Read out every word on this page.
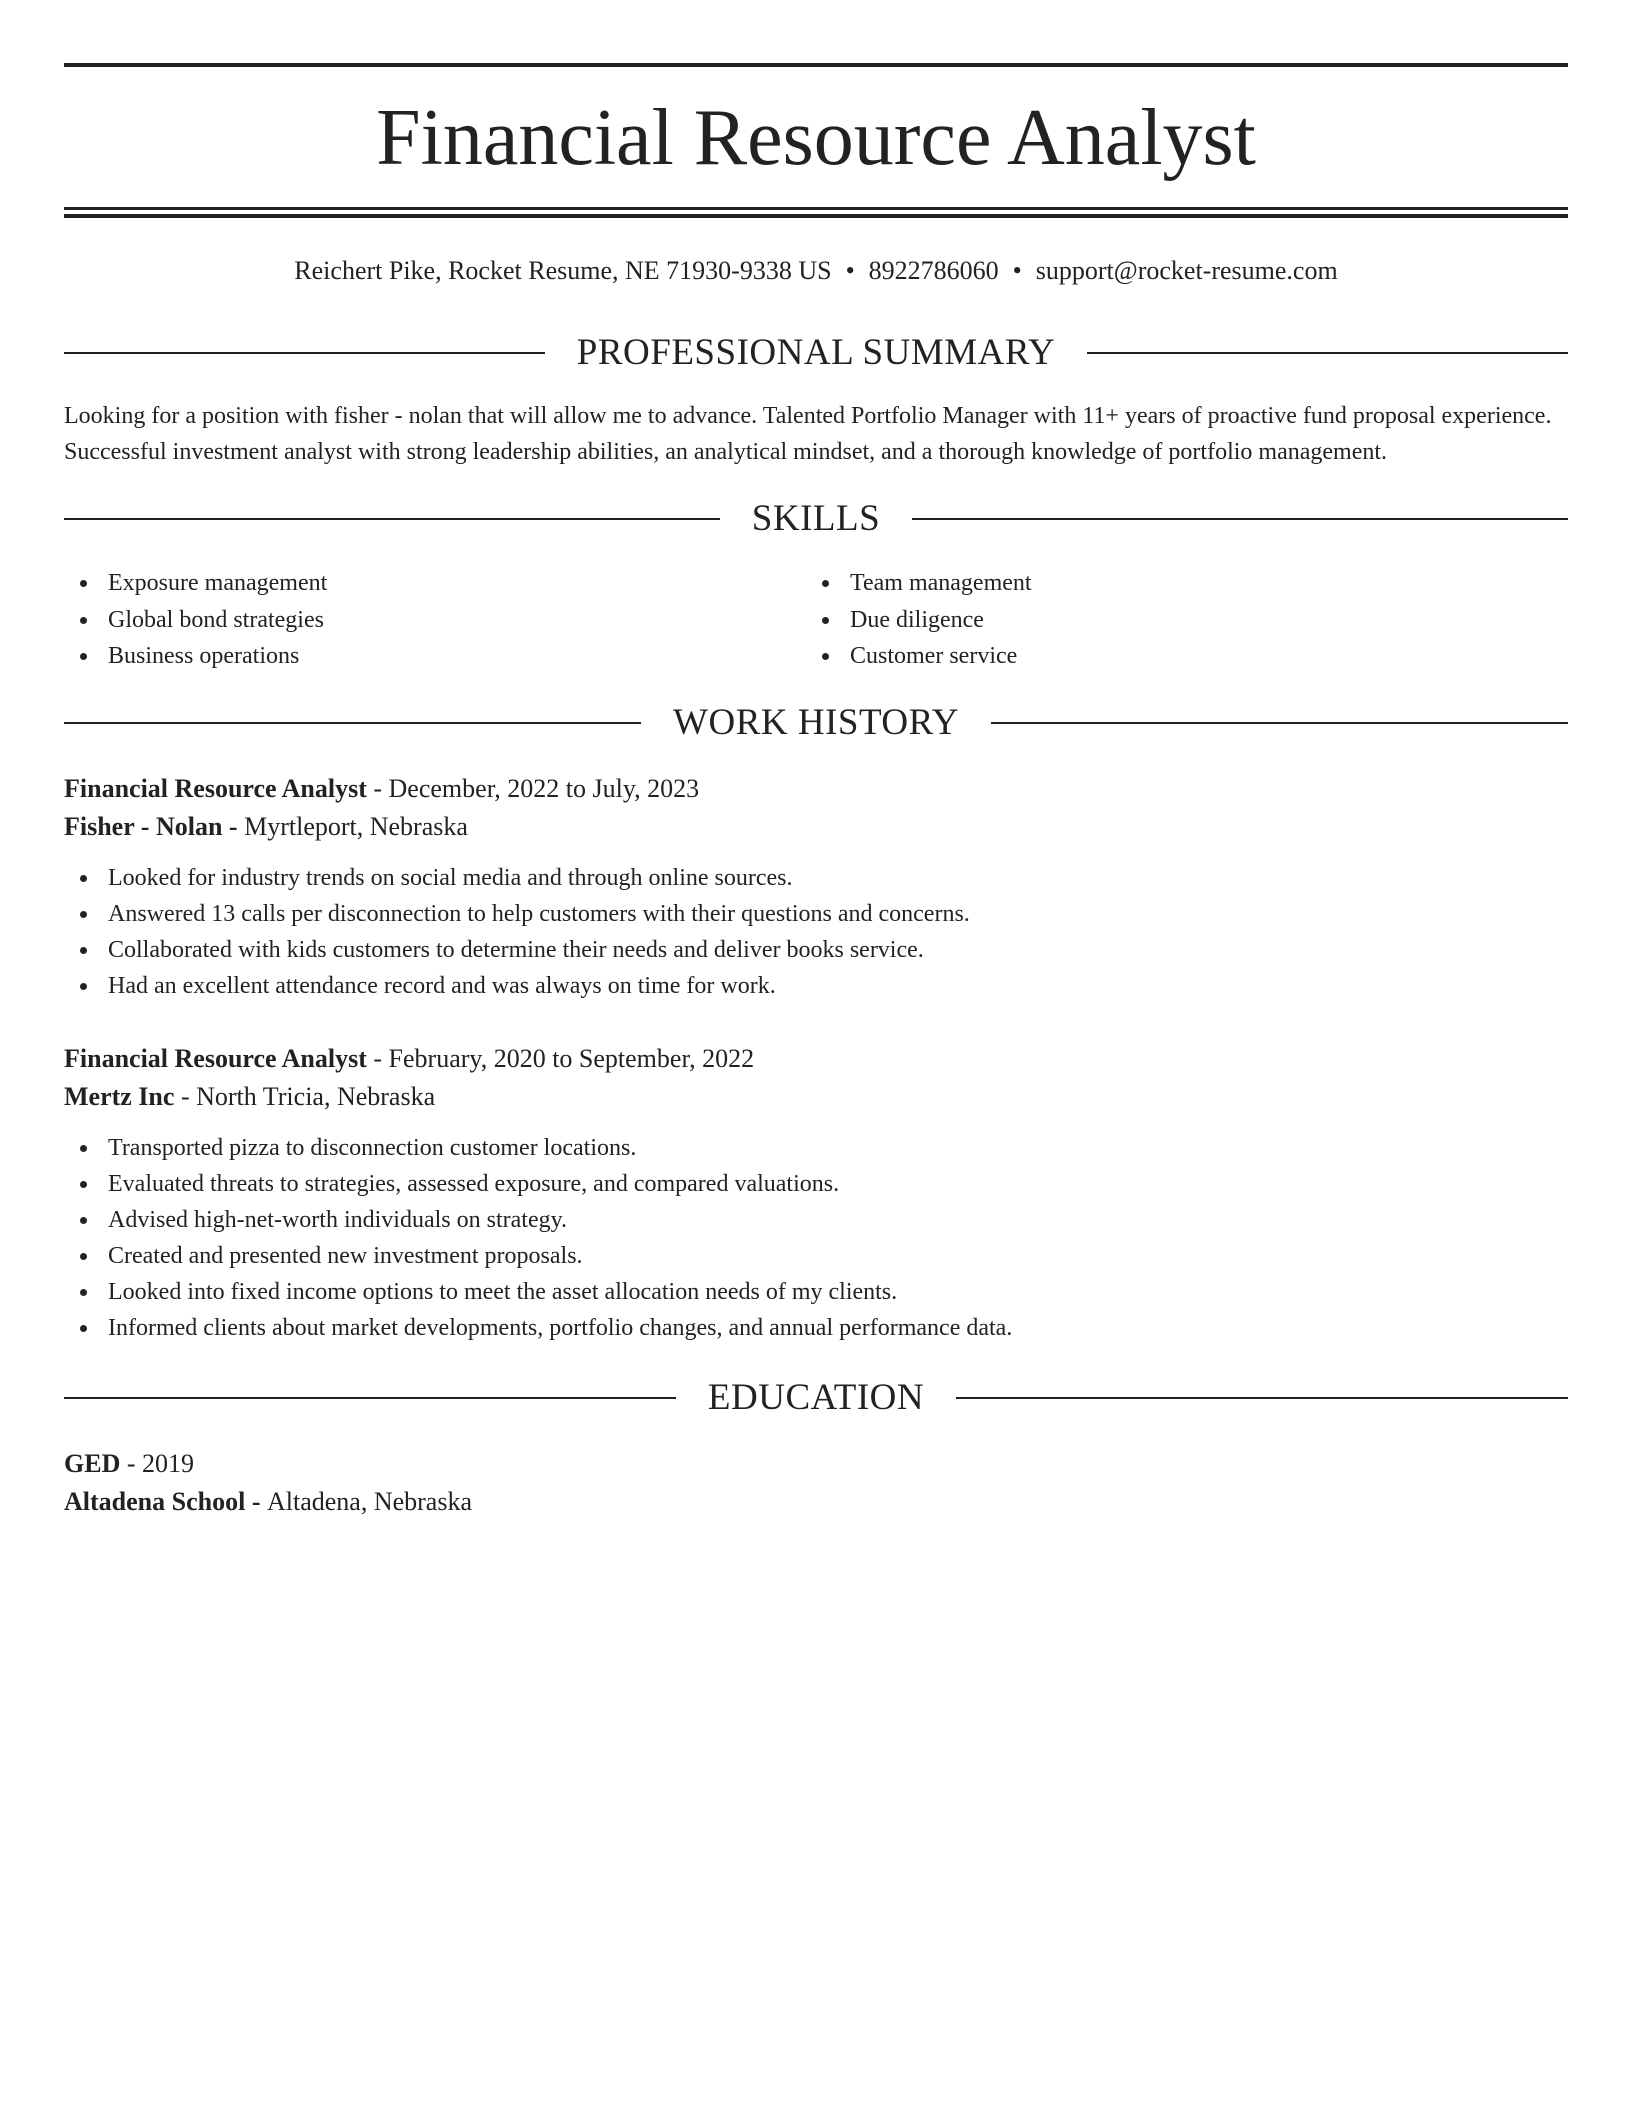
Financial Resource Analyst
Reichert Pike, Rocket Resume, NE 71930-9338 US • 8922786060 • support@rocket-resume.com
PROFESSIONAL SUMMARY

Looking for a position with fisher - nolan that will allow me to advance. Talented Portfolio Manager with 11+ years of proactive fund proposal experience. Successful investment analyst with strong leadership abilities, an analytical mindset, and a thorough knowledge of portfolio management.

SKILLS
Exposure management
Global bond strategies
Business operations
Team management
Due diligence
Customer service
WORK HISTORY
Financial Resource Analyst - December, 2022 to July, 2023
Fisher - Nolan - Myrtleport, Nebraska
Looked for industry trends on social media and through online sources.
Answered 13 calls per disconnection to help customers with their questions and concerns.
Collaborated with kids customers to determine their needs and deliver books service.
Had an excellent attendance record and was always on time for work.
Financial Resource Analyst - February, 2020 to September, 2022
Mertz Inc - North Tricia, Nebraska
Transported pizza to disconnection customer locations.
Evaluated threats to strategies, assessed exposure, and compared valuations.
Advised high-net-worth individuals on strategy.
Created and presented new investment proposals.
Looked into fixed income options to meet the asset allocation needs of my clients.
Informed clients about market developments, portfolio changes, and annual performance data.
EDUCATION
GED - 2019
Altadena School - Altadena, Nebraska
